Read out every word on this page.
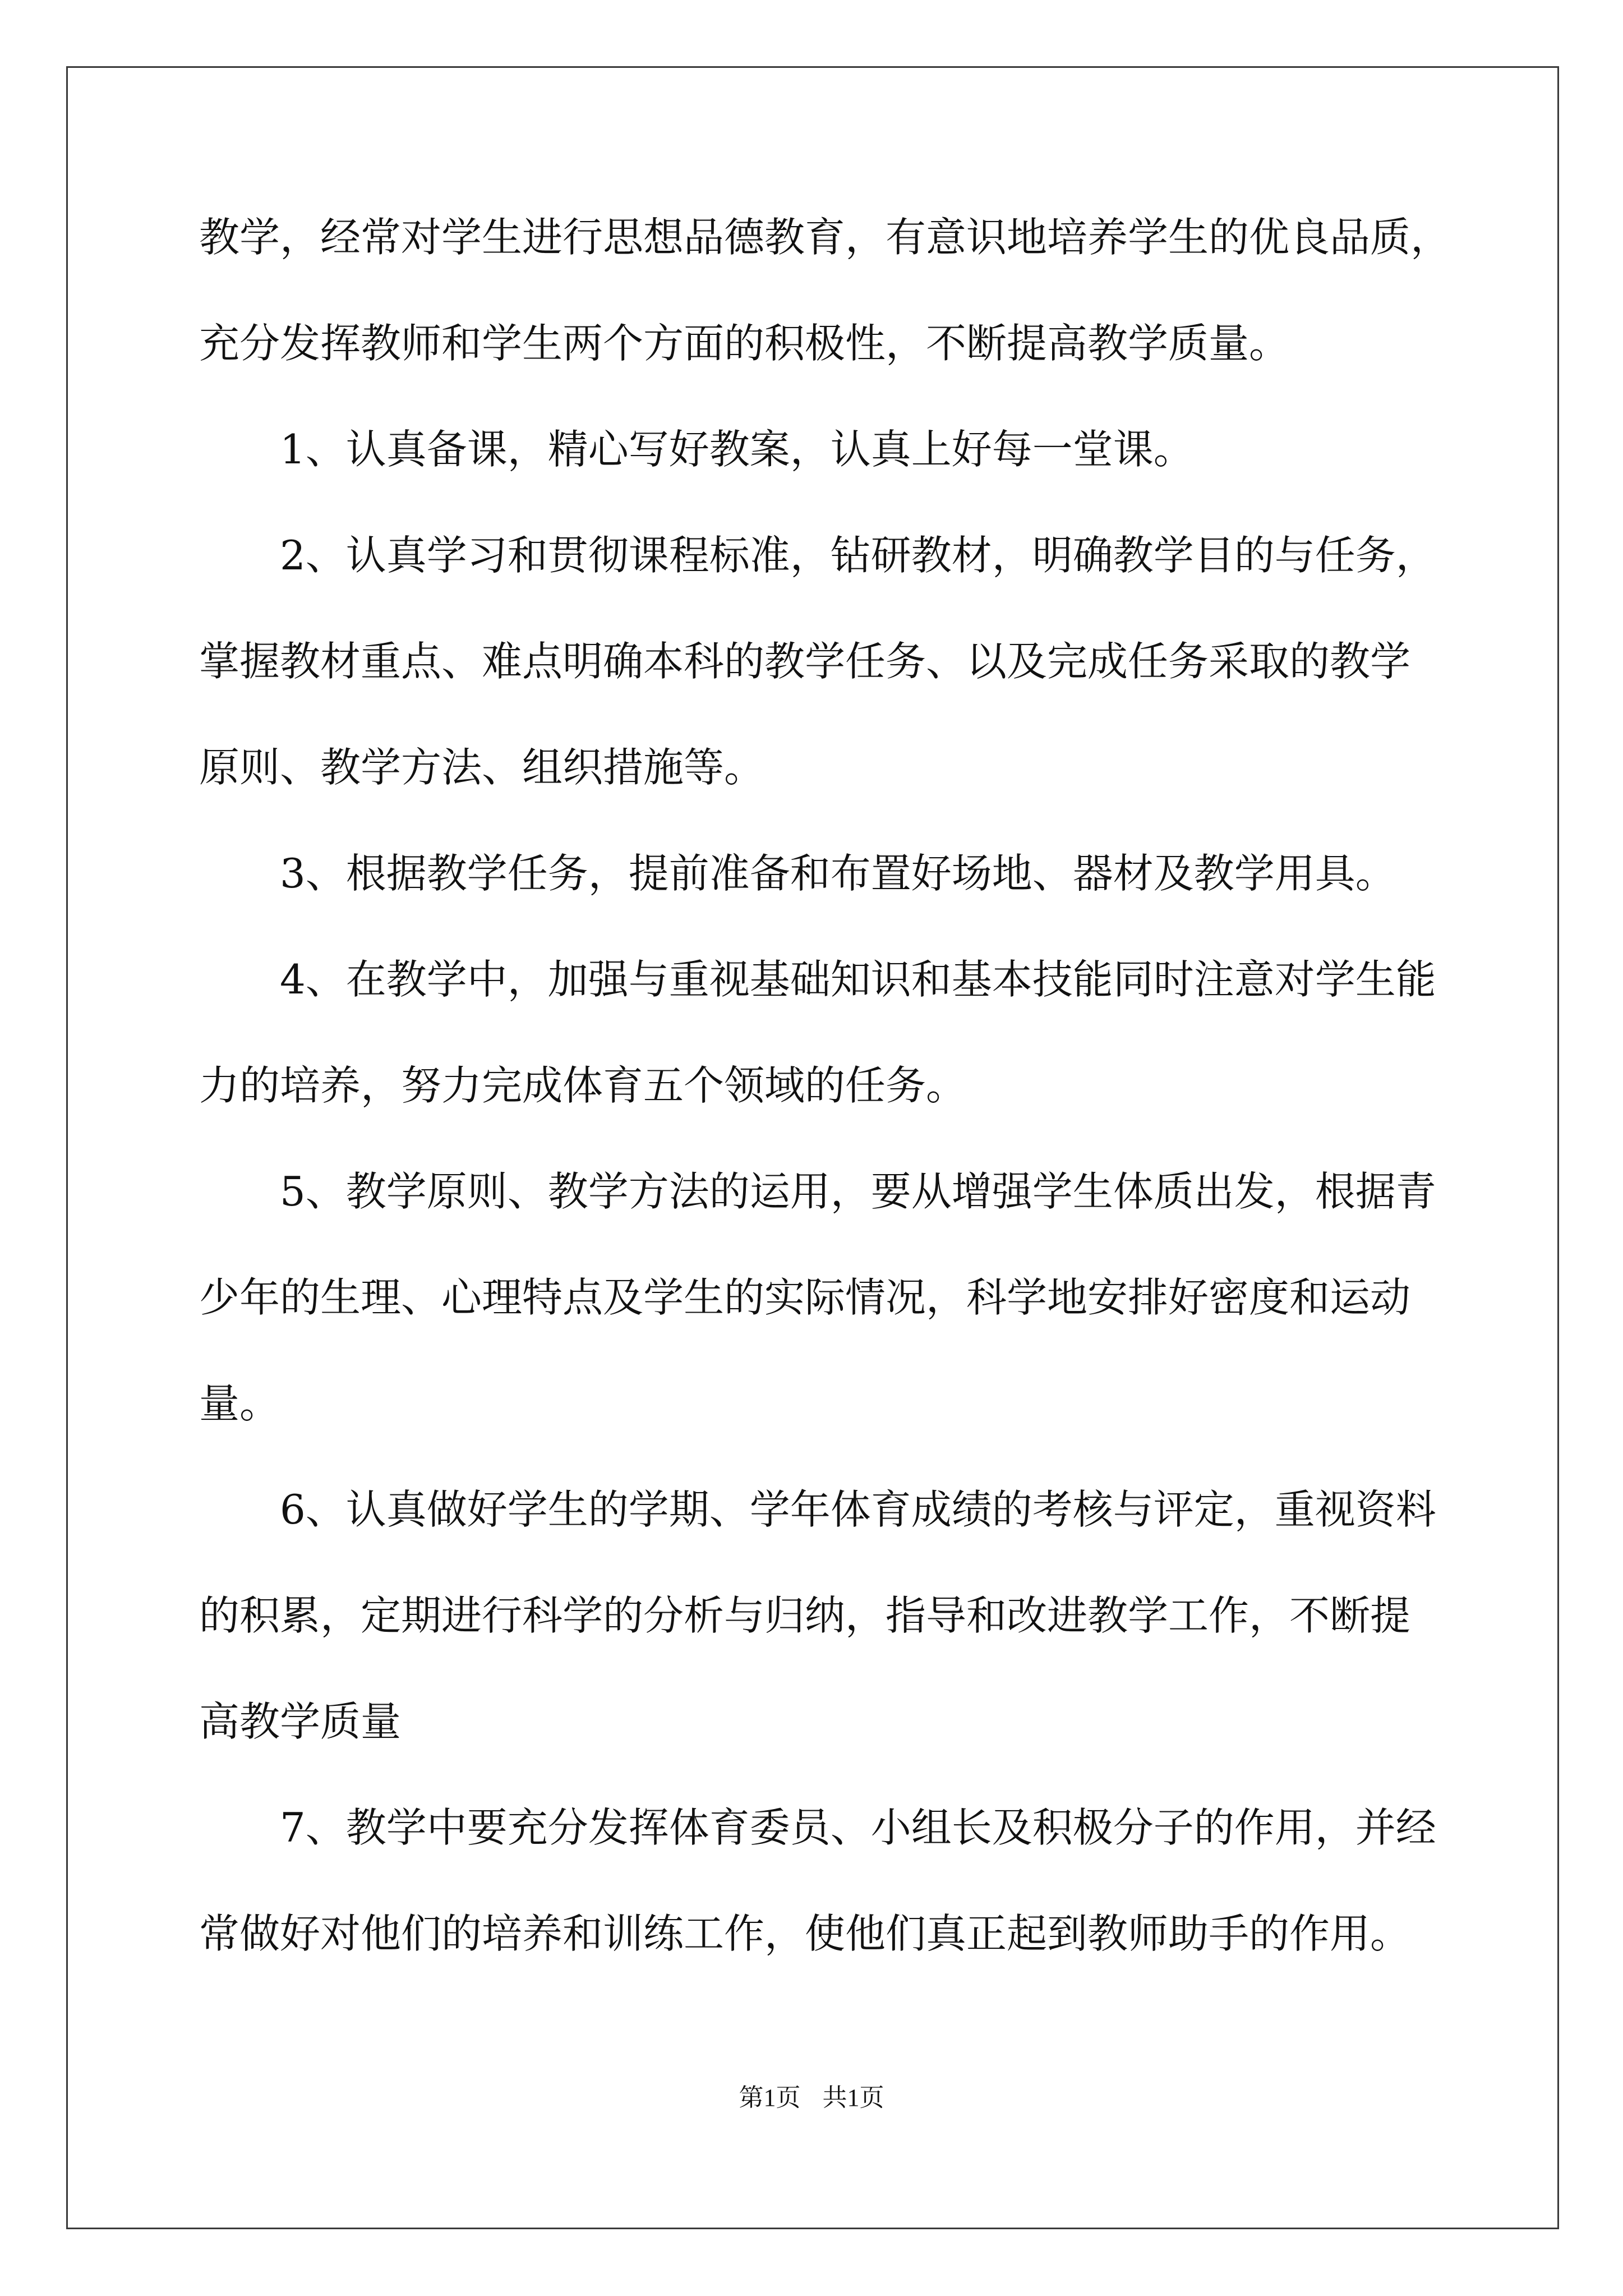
教学，经常对学生进行思想品德教育，有意识地培养学生的优良品质，
充分发挥教师和学生两个方面的积极性，不断提高教学质量。
1、认真备课，精心写好教案，认真上好每一堂课。
2、认真学习和贯彻课程标准，钻研教材，明确教学目的与任务，
掌握教材重点、难点明确本科的教学任务、以及完成任务采取的教学
原则、教学方法、组织措施等。
3、根据教学任务，提前准备和布置好场地、器材及教学用具。
4、在教学中，加强与重视基础知识和基本技能同时注意对学生能
力的培养，努力完成体育五个领域的任务。
5、教学原则、教学方法的运用，要从增强学生体质出发，根据青
少年的生理、心理特点及学生的实际情况，科学地安排好密度和运动
量。
6、认真做好学生的学期、学年体育成绩的考核与评定，重视资料
的积累，定期进行科学的分析与归纳，指导和改进教学工作，不断提
高教学质量
7、教学中要充分发挥体育委员、小组长及积极分子的作用，并经
常做好对他们的培养和训练工作，使他们真正起到教师助手的作用。
第1页 共1页
